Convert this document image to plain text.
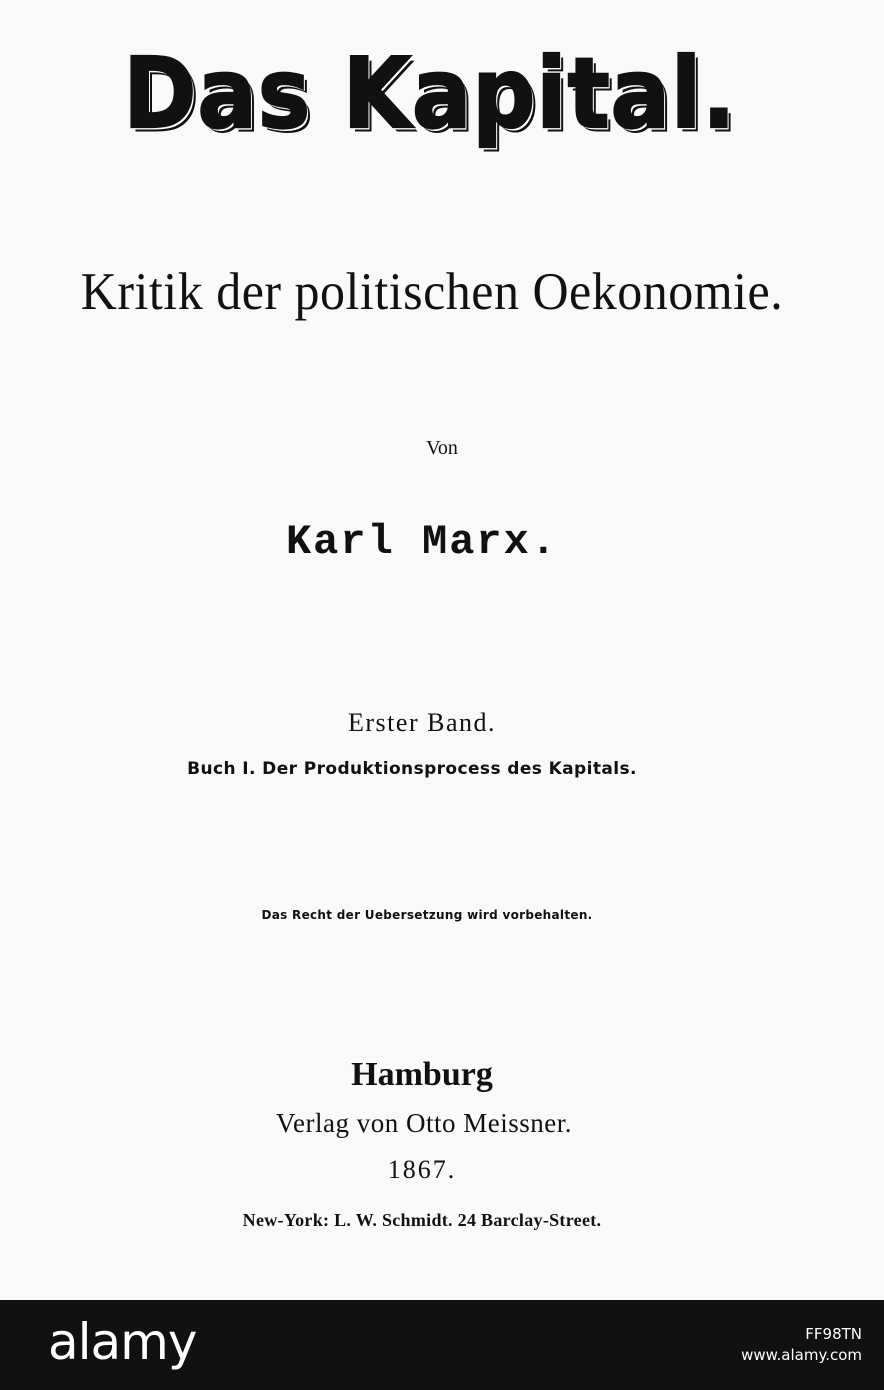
Das Kapital.
Kritik der politischen Oekonomie.
Von
Karl Marx.
Erster Band.
Buch I. Der Produktionsprocess des Kapitals.
Das Recht der Uebersetzung wird vorbehalten.
Hamburg
Verlag von Otto Meissner.
1867.
New-York: L. W. Schmidt. 24 Barclay-Street.
alamy	FF98TN
www.alamy.com
